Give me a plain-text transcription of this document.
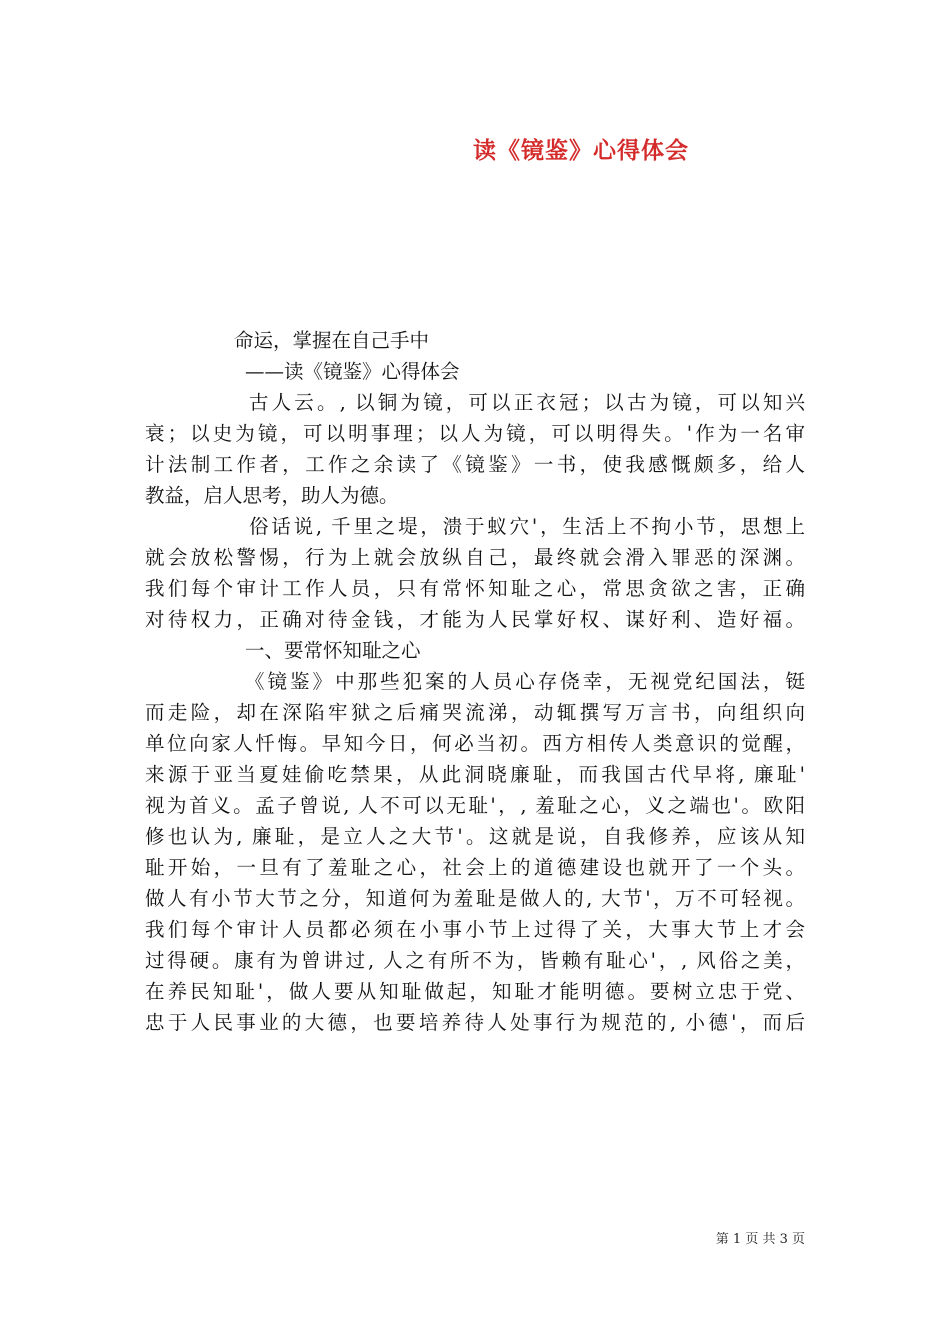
读《镜鉴》心得体会
命运，掌握在自己手中
——读《镜鉴》心得体会
古人云。, 以铜为镜，可以正衣冠；以古为镜，可以知兴
衰；以史为镜，可以明事理；以人为镜，可以明得失。'作为一名审
计法制工作者，工作之余读了《镜鉴》一书，使我感慨颇多，给人
教益，启人思考，助人为德。
俗话说, 千里之堤，溃于蚁穴'，生活上不拘小节，思想上
就会放松警惕，行为上就会放纵自己，最终就会滑入罪恶的深渊。
我们每个审计工作人员，只有常怀知耻之心，常思贪欲之害，正确
对待权力，正确对待金钱，才能为人民掌好权、谋好利、造好福。
一、要常怀知耻之心
《镜鉴》中那些犯案的人员心存侥幸，无视党纪国法，铤
而走险，却在深陷牢狱之后痛哭流涕，动辄撰写万言书，向组织向
单位向家人忏悔。早知今日，何必当初。西方相传人类意识的觉醒，
来源于亚当夏娃偷吃禁果，从此洞晓廉耻，而我国古代早将, 廉耻'
视为首义。孟子曾说, 人不可以无耻'，, 羞耻之心，义之端也'。欧阳
修也认为, 廉耻，是立人之大节'。这就是说，自我修养，应该从知
耻开始，一旦有了羞耻之心，社会上的道德建设也就开了一个头。
做人有小节大节之分，知道何为羞耻是做人的, 大节'，万不可轻视。
我们每个审计人员都必须在小事小节上过得了关，大事大节上才会
过得硬。康有为曾讲过, 人之有所不为，皆赖有耻心'，, 风俗之美，
在养民知耻'，做人要从知耻做起，知耻才能明德。要树立忠于党、
忠于人民事业的大德，也要培养待人处事行为规范的, 小德'，而后
第 1 页 共 3 页
